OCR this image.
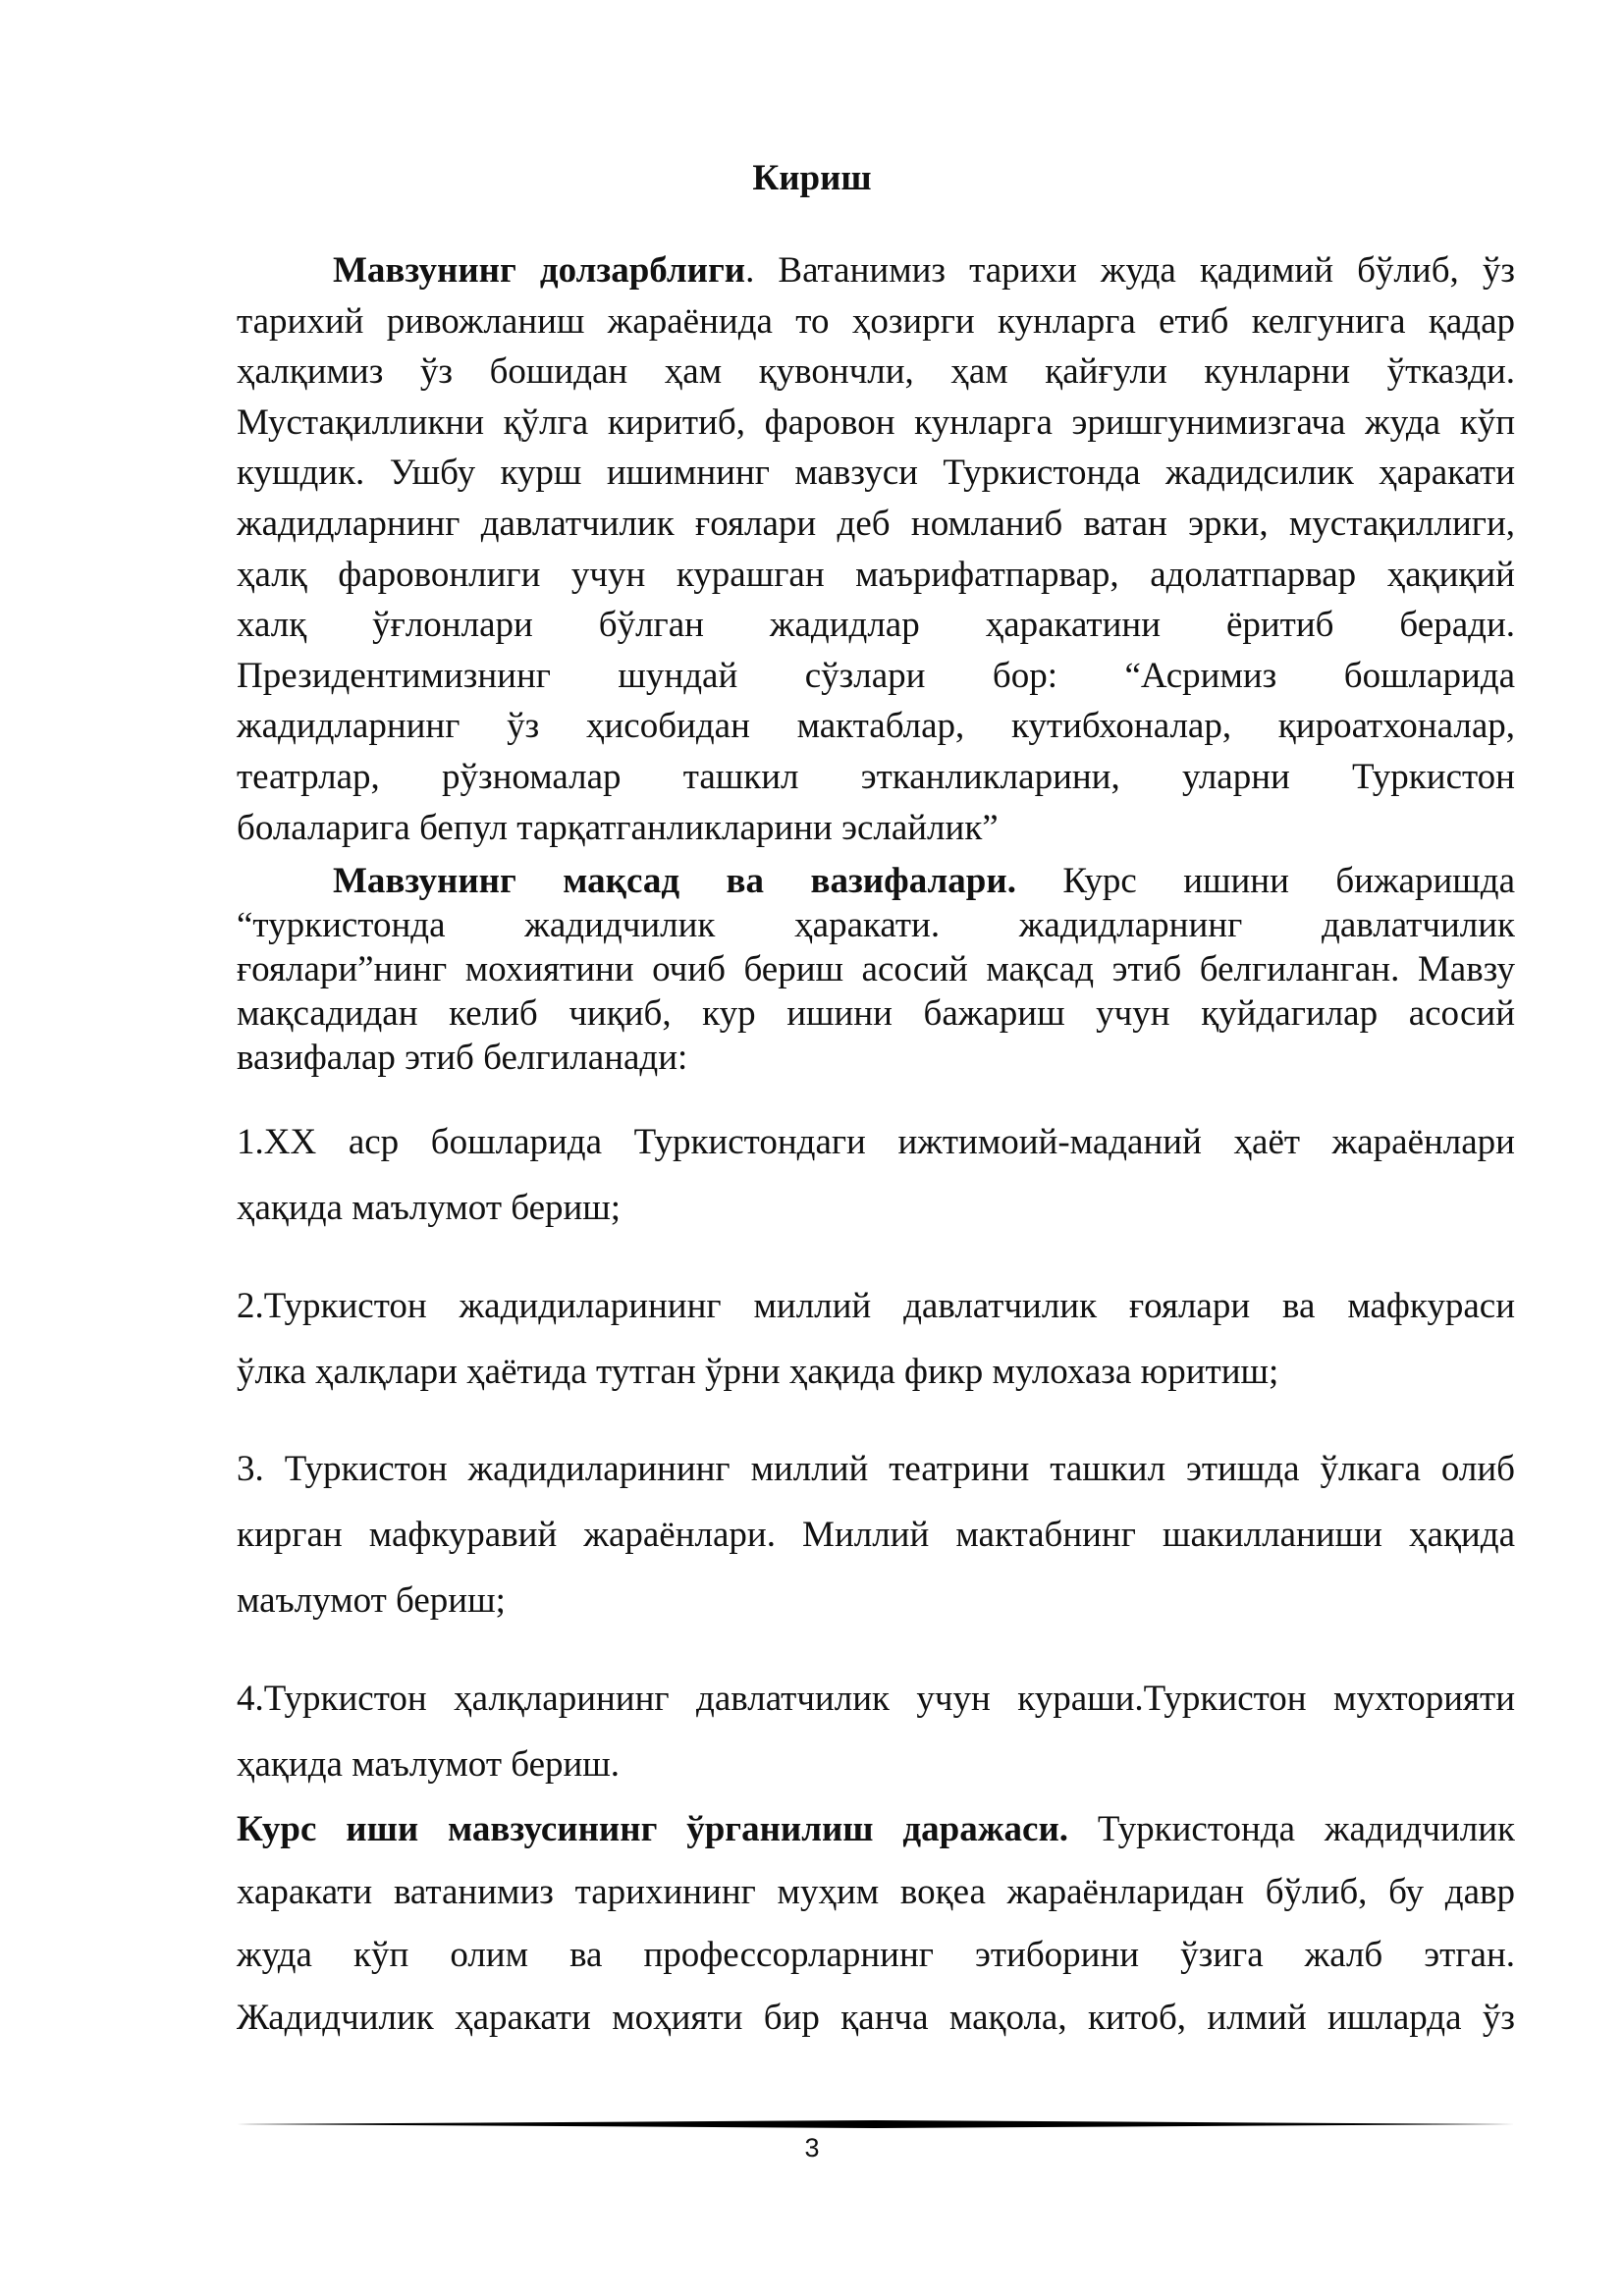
Кириш
Мавзунинг долзарблиги. Ватанимиз тарихи жуда қадимий бўлиб, ўз
тарихий ривожланиш жараёнида то ҳозирги кунларга етиб келгунига қадар
ҳалқимиз ўз бошидан ҳам қувончли, ҳам қайғули кунларни ўтказди.
Мустақилликни қўлга киритиб, фаровон кунларга эришгунимизгача жуда кўп
кушдик. Ушбу курш ишимнинг мавзуси Туркистонда жадидсилик ҳаракати
жадидларнинг давлатчилик ғоялари деб номланиб ватан эрки, мустақиллиги,
ҳалқ фаровонлиги учун курашган маърифатпарвар, адолатпарвар ҳақиқий
халқ ўғлонлари бўлган жадидлар ҳаракатини ёритиб беради.
Президентимизнинг шундай сўзлари бор: “Асримиз бошларида
жадидларнинг ўз ҳисобидан мактаблар, кутибхоналар, қироатхоналар,
театрлар, рўзномалар ташкил этканликларини, уларни Туркистон
болаларига бепул тарқатганликларини эслайлик”
Мавзунинг мақсад ва вазифалари. Курс ишини бижаришда
“туркистонда жадидчилик ҳаракати. жадидларнинг давлатчилик
ғоялари”нинг мохиятини очиб бериш асосий мақсад этиб белгиланган. Мавзу
мақсадидан келиб чиқиб, кур ишини бажариш учун қуйдагилар асосий
вазифалар этиб белгиланади:
1.ХХ аср бошларида Туркистондаги ижтимоий-маданий ҳаёт жараёнлари
ҳақида маълумот бериш;
2.Туркистон жадидиларининг миллий давлатчилик ғоялари ва мафкураси
ўлка ҳалқлари ҳаётида тутган ўрни ҳақида фикр мулохаза юритиш;
3. Туркистон жадидиларининг миллий театрини ташкил этишда ўлкага олиб
кирган мафкуравий жараёнлари. Миллий мактабнинг шакилланиши ҳақида
маълумот бериш;
4.Туркистон ҳалқларининг давлатчилик учун кураши.Туркистон мухторияти
ҳақида маълумот бериш.
Курс иши мавзусининг ўрганилиш даражаси. Туркистонда жадидчилик
харакати ватанимиз тарихининг муҳим воқеа жараёнларидан бўлиб, бу давр
жуда кўп олим ва профессорларнинг этиборини ўзига жалб этган.
Жадидчилик ҳаракати моҳияти бир қанча мақола, китоб, илмий ишларда ўз
3
